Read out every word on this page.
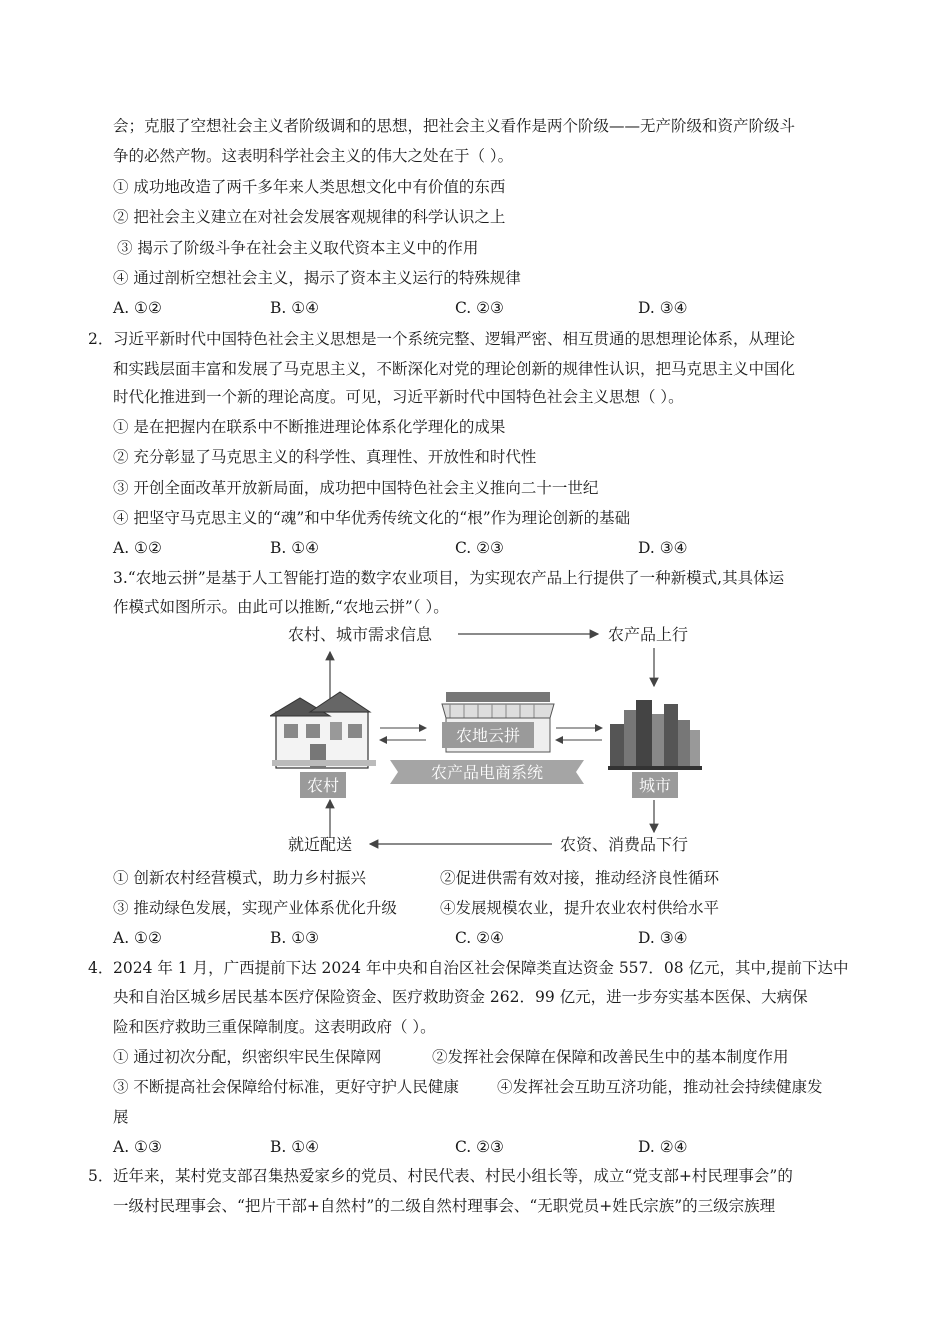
会；克服了空想社会主义者阶级调和的思想，把社会主义看作是两个阶级——无产阶级和资产阶级斗
争的必然产物。这表明科学社会主义的伟大之处在于（ ）。
① 成功地改造了两千多年来人类思想文化中有价值的东西
② 把社会主义建立在对社会发展客观规律的科学认识之上
③ 揭示了阶级斗争在社会主义取代资本主义中的作用
④ 通过剖析空想社会主义，揭示了资本主义运行的特殊规律
A. ①②	B. ①④	C. ②③	D. ③④
2． 习近平新时代中国特色社会主义思想是一个系统完整、逻辑严密、相互贯通的思想理论体系，从理论
和实践层面丰富和发展了马克思主义，不断深化对党的理论创新的规律性认识，把马克思主义中国化
时代化推进到一个新的理论高度。可见，习近平新时代中国特色社会主义思想（ ）。
① 是在把握内在联系中不断推进理论体系化学理化的成果
② 充分彰显了马克思主义的科学性、真理性、开放性和时代性
③ 开创全面改革开放新局面，成功把中国特色社会主义推向二十一世纪
④ 把坚守马克思主义的“魂”和中华优秀传统文化的“根”作为理论创新的基础
A. ①②	B. ①④	C. ②③	D. ③④
3.“农地云拼”是基于人工智能打造的数字农业项目，为实现农产品上行提供了一种新模式,其具体运
作模式如图所示。由此可以推断,“农地云拼”（ ）。
农村、城市需求信息	农产品上行
农村
农地云拼
农产品电商系统
城市
就近配送	农资、消费品下行
① 创新农村经营模式，助力乡村振兴	②促进供需有效对接，推动经济良性循环
③ 推动绿色发展，实现产业体系优化升级	④发展规模农业，提升农业农村供给水平
A. ①②	B. ①③	C. ②④	D. ③④
4． 2024 年 1 月，广西提前下达 2024 年中央和自治区社会保障类直达资金 557．08 亿元，其中,提前下达中
央和自治区城乡居民基本医疗保险资金、医疗救助资金 262．99 亿元，进一步夯实基本医保、大病保
险和医疗救助三重保障制度。这表明政府（ ）。
① 通过初次分配，织密织牢民生保障网	②发挥社会保障在保障和改善民生中的基本制度作用
③ 不断提高社会保障给付标准，更好守护人民健康 ④发挥社会互助互济功能，推动社会持续健康发
展
A. ①③	B. ①④	C. ②③	D. ②④
5． 近年来，某村党支部召集热爱家乡的党员、村民代表、村民小组长等，成立“党支部+村民理事会”的
一级村民理事会、“把片干部+自然村”的二级自然村理事会、“无职党员+姓氏宗族”的三级宗族理
